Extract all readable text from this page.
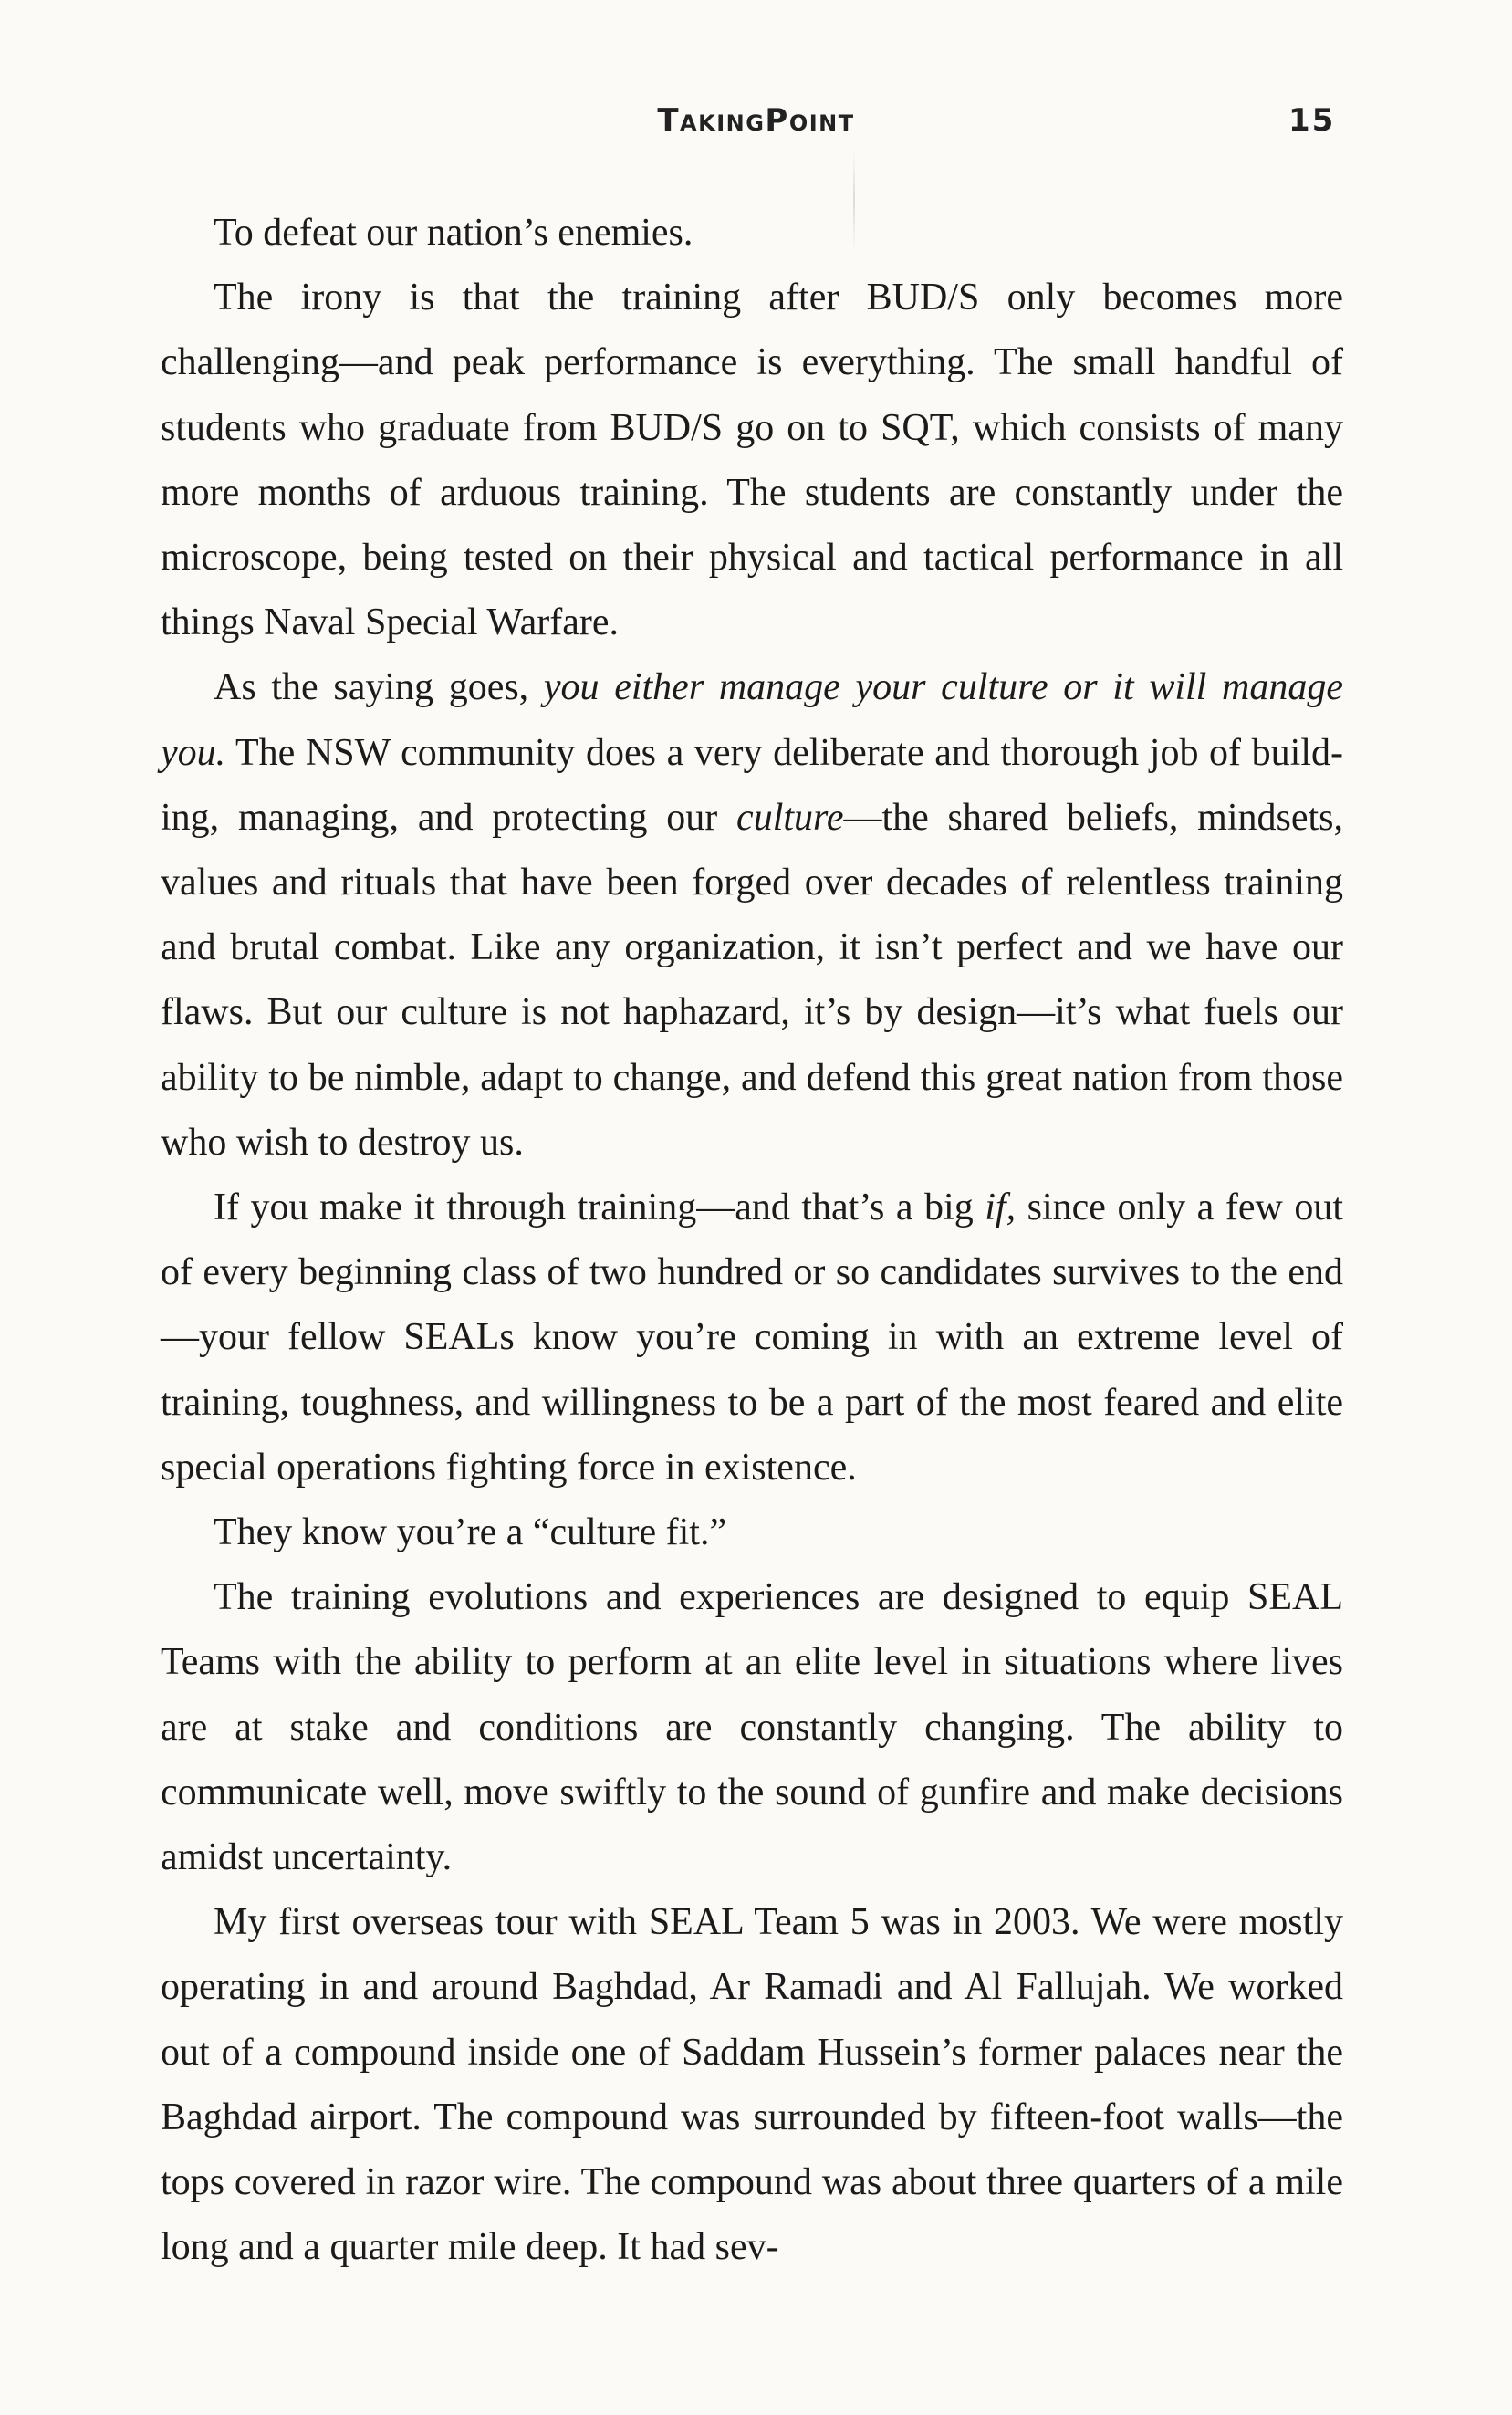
TakingPoint	15

To defeat our nation’s enemies.

The irony is that the training after BUD/S only becomes more challenging—and peak performance is everything. The small handful of students who graduate from BUD/S go on to SQT, which consists of many more months of arduous training. The students are constantly under the microscope, being tested on their physical and tactical performance in all things Naval Special Warfare.

As the saying goes, you either manage your culture or it will manage you. The NSW community does a very deliberate and thorough job of building, managing, and protecting our culture—the shared beliefs, mindsets, values and rituals that have been forged over decades of relentless training and brutal combat. Like any organization, it isn’t perfect and we have our flaws. But our culture is not haphazard, it’s by design—it’s what fuels our ability to be nimble, adapt to change, and defend this great nation from those who wish to destroy us.

If you make it through training—and that’s a big if, since only a few out of every beginning class of two hundred or so candidates survives to the end—your fellow SEALs know you’re coming in with an extreme level of training, toughness, and willingness to be a part of the most feared and elite special operations fighting force in existence.

They know you’re a “culture fit.”

The training evolutions and experiences are designed to equip SEAL Teams with the ability to perform at an elite level in situations where lives are at stake and conditions are constantly changing. The ability to communicate well, move swiftly to the sound of gunfire and make decisions amidst uncertainty.

My first overseas tour with SEAL Team 5 was in 2003. We were mostly operating in and around Baghdad, Ar Ramadi and Al Fallujah. We worked out of a compound inside one of Saddam Hussein’s former palaces near the Baghdad airport. The compound was surrounded by fifteen-foot walls—the tops covered in razor wire. The compound was about three quarters of a mile long and a quarter mile deep. It had sev-
